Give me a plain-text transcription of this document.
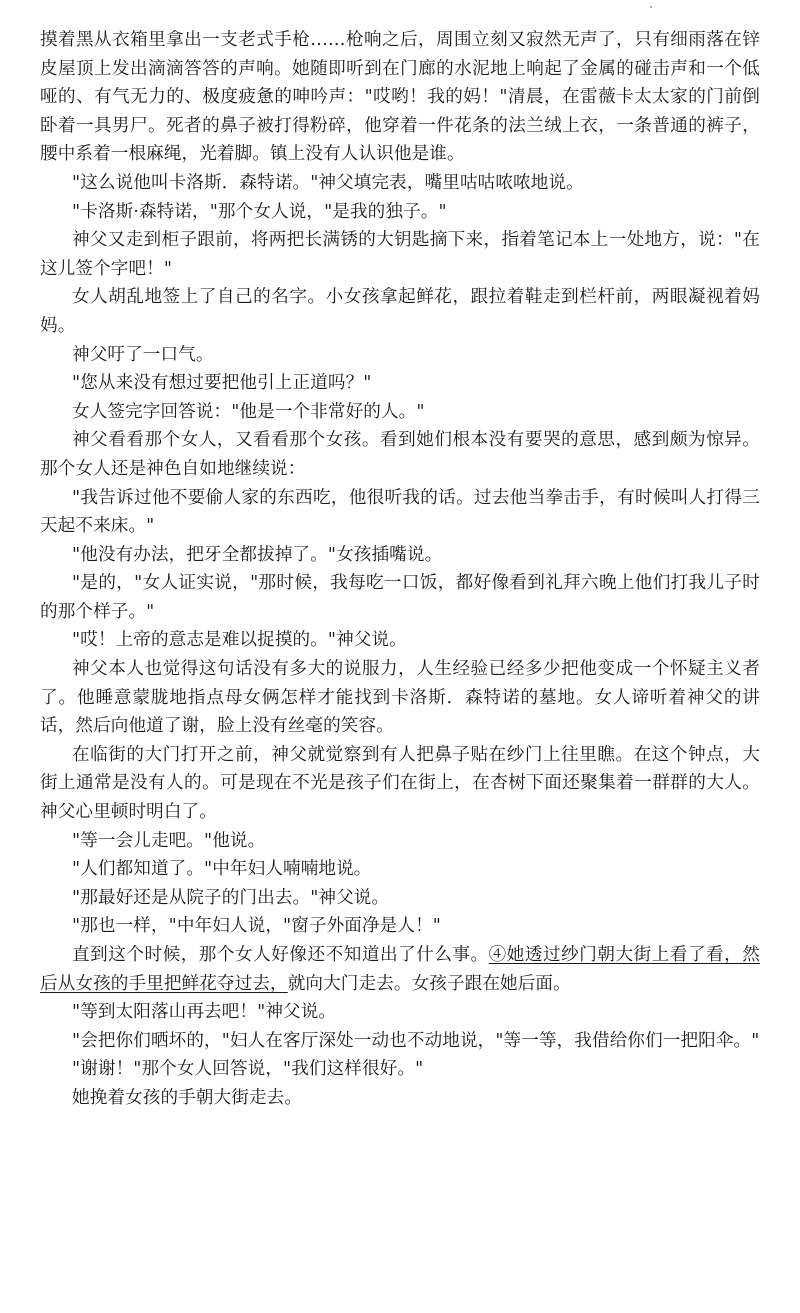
摸着黑从衣箱里拿出一支老式手枪……枪响之后，周围立刻又寂然无声了，只有细雨落在锌皮屋顶上发出滴滴答答的声响。她随即听到在门廊的水泥地上响起了金属的碰击声和一个低哑的、有气无力的、极度疲惫的呻吟声："哎哟！我的妈！"清晨，在雷薇卡太太家的门前倒卧着一具男尸。死者的鼻子被打得粉碎，他穿着一件花条的法兰绒上衣，一条普通的裤子，腰中系着一根麻绳，光着脚。镇上没有人认识他是谁。

"这么说他叫卡洛斯．森特诺。"神父填完表，嘴里咕咕哝哝地说。

"卡洛斯·森特诺，"那个女人说，"是我的独子。"

神父又走到柜子跟前，将两把长满锈的大钥匙摘下来，指着笔记本上一处地方，说："在这儿签个字吧！"

女人胡乱地签上了自己的名字。小女孩拿起鲜花，跟拉着鞋走到栏杆前，两眼凝视着妈妈。

神父吁了一口气。

"您从来没有想过要把他引上正道吗？"

女人签完字回答说："他是一个非常好的人。"

神父看看那个女人，又看看那个女孩。看到她们根本没有要哭的意思，感到颇为惊异。那个女人还是神色自如地继续说：

"我告诉过他不要偷人家的东西吃，他很听我的话。过去他当拳击手，有时候叫人打得三天起不来床。"

"他没有办法，把牙全都拔掉了。"女孩插嘴说。

"是的，"女人证实说，"那时候，我每吃一口饭，都好像看到礼拜六晚上他们打我儿子时的那个样子。"

"哎！上帝的意志是难以捉摸的。"神父说。

神父本人也觉得这句话没有多大的说服力，人生经验已经多少把他变成一个怀疑主义者了。他睡意蒙胧地指点母女俩怎样才能找到卡洛斯．森特诺的墓地。女人谛听着神父的讲话，然后向他道了谢，脸上没有丝毫的笑容。

在临街的大门打开之前，神父就觉察到有人把鼻子贴在纱门上往里瞧。在这个钟点，大街上通常是没有人的。可是现在不光是孩子们在街上，在杏树下面还聚集着一群群的大人。神父心里顿时明白了。

"等一会儿走吧。"他说。

"人们都知道了。"中年妇人喃喃地说。

"那最好还是从院子的门出去。"神父说。

"那也一样，"中年妇人说，"窗子外面净是人！"

直到这个时候，那个女人好像还不知道出了什么事。④她透过纱门朝大街上看了看，然后从女孩的手里把鲜花夺过去，就向大门走去。女孩子跟在她后面。

"等到太阳落山再去吧！"神父说。

"会把你们晒坏的，"妇人在客厅深处一动也不动地说，"等一等，我借给你们一把阳伞。"

"谢谢！"那个女人回答说，"我们这样很好。"

她挽着女孩的手朝大街走去。
